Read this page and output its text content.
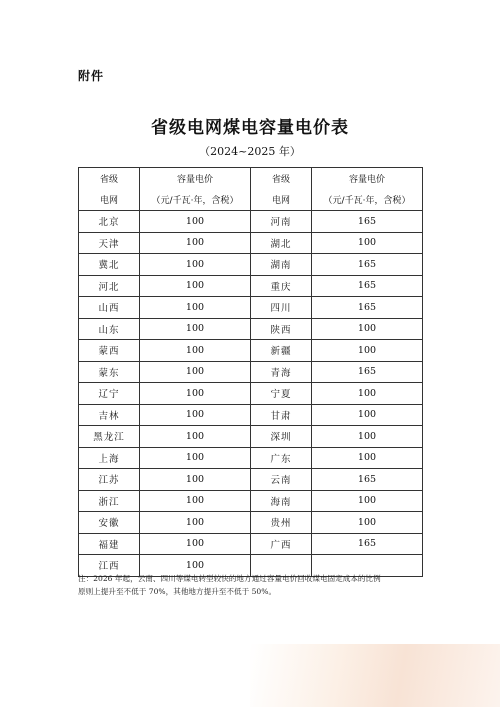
附件
省级电网煤电容量电价表
（2024~2025 年）
省级	容量电价	省级	容量电价
电网	（元/千瓦·年，含税）	电网	（元/千瓦·年，含税）
北京	100	河南	165
天津	100	湖北	100
冀北	100	湖南	165
河北	100	重庆	165
山西	100	四川	165
山东	100	陕西	100
蒙西	100	新疆	100
蒙东	100	青海	165
辽宁	100	宁夏	100
吉林	100	甘肃	100
黑龙江	100	深圳	100
上海	100	广东	100
江苏	100	云南	165
浙江	100	海南	100
安徽	100	贵州	100
福建	100	广西	165
江西	100		
注：2026 年起，云南、四川等煤电转型较快的地方通过容量电价回收煤电固定成本的比例
原则上提升至不低于 70%，其他地方提升至不低于 50%。
